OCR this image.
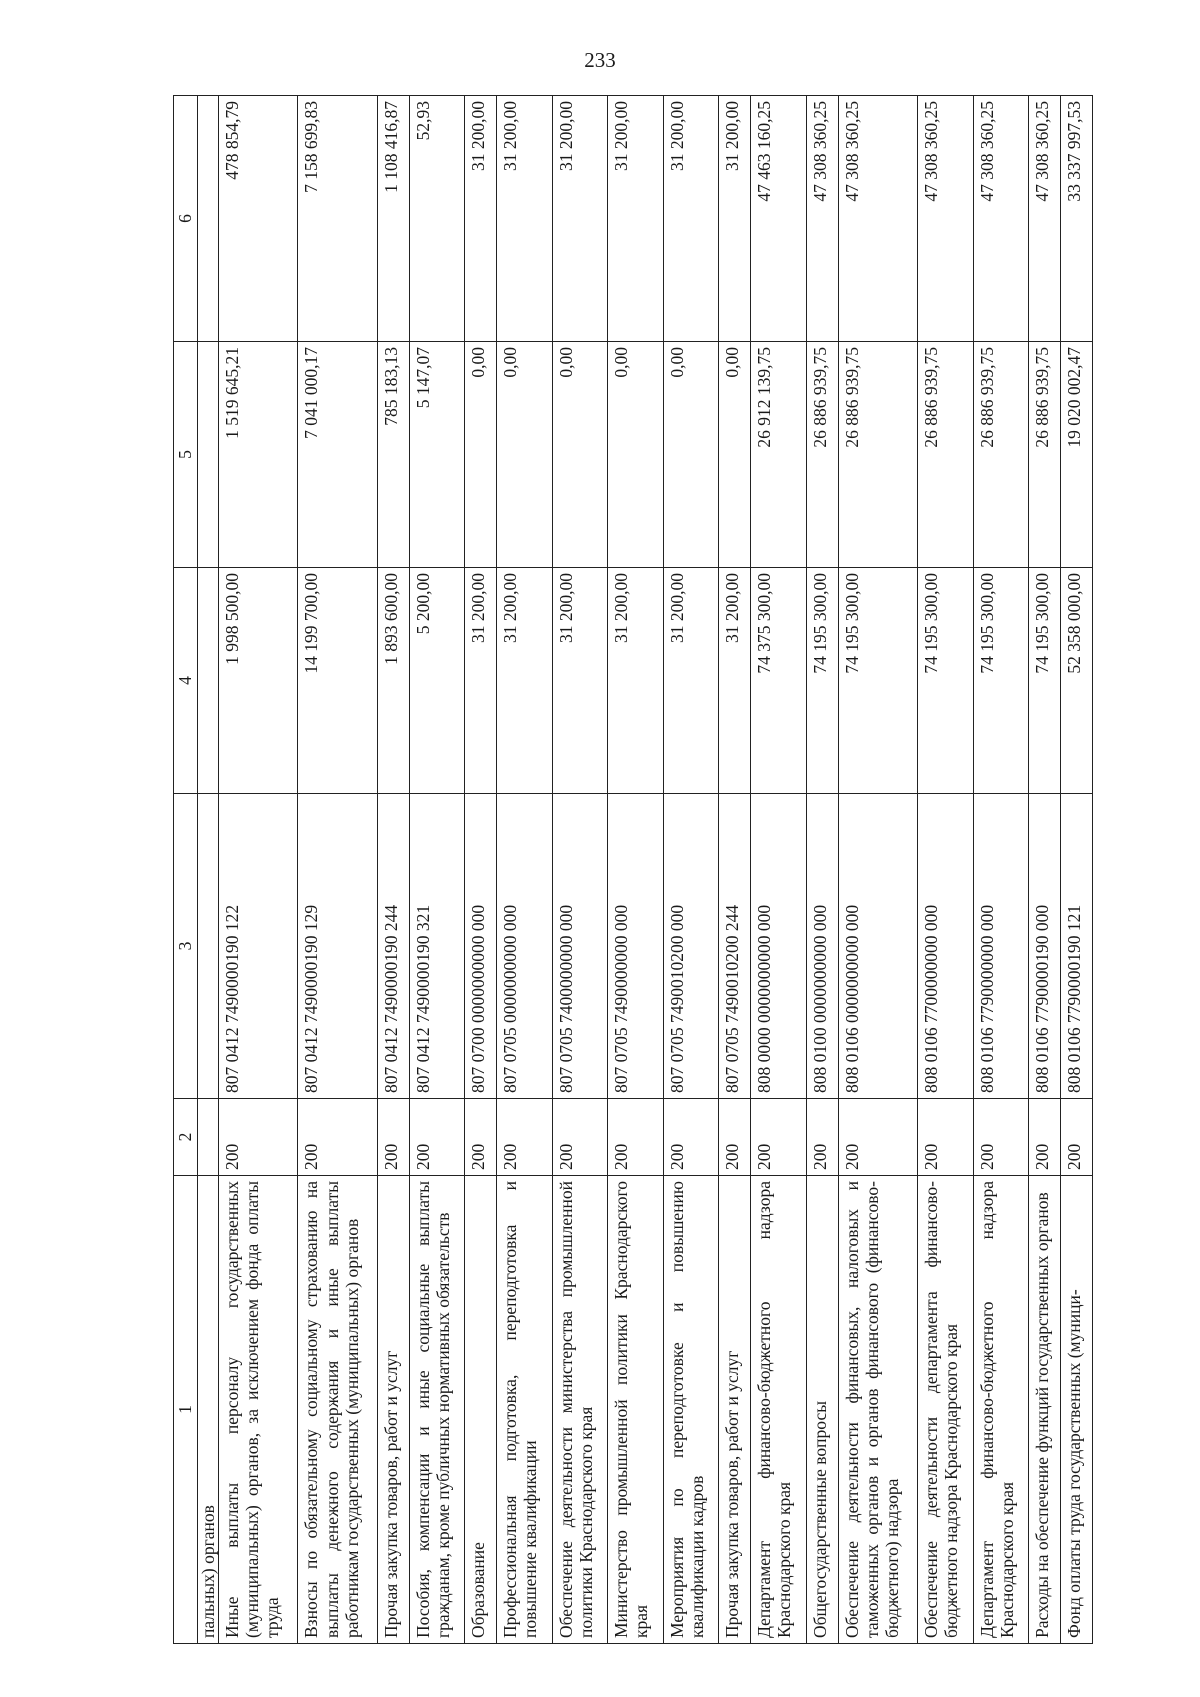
233
1	2	3	4	5	6
пальных) органов					
Иные выплаты персоналу государственных (муниципальных) органов, за исключением фонда оплаты труда	200	807 0412 7490000190 122	1 998 500,00	1 519 645,21	478 854,79
Взносы по обязательному социальному страхованию на выплаты денежного содержания и иные выплаты работникам государственных (муниципальных) органов	200	807 0412 7490000190 129	14 199 700,00	7 041 000,17	7 158 699,83
Прочая закупка товаров, работ и услуг	200	807 0412 7490000190 244	1 893 600,00	785 183,13	1 108 416,87
Пособия, компенсации и иные социальные выплаты гражданам, кроме публичных нормативных обязательств	200	807 0412 7490000190 321	5 200,00	5 147,07	52,93
Образование	200	807 0700 0000000000 000	31 200,00	0,00	31 200,00
Профессиональная подготовка, переподготовка и повышение квалификации	200	807 0705 0000000000 000	31 200,00	0,00	31 200,00
Обеспечение деятельности министерства промышленной политики Краснодарского края	200	807 0705 7400000000 000	31 200,00	0,00	31 200,00
Министерство промышленной политики Краснодарского края	200	807 0705 7490000000 000	31 200,00	0,00	31 200,00
Мероприятия по переподготовке и повышению квалификации кадров	200	807 0705 7490010200 000	31 200,00	0,00	31 200,00
Прочая закупка товаров, работ и услуг	200	807 0705 7490010200 244	31 200,00	0,00	31 200,00
Департамент финансово-бюджетного надзора Краснодарского края	200	808 0000 0000000000 000	74 375 300,00	26 912 139,75	47 463 160,25
Общегосударственные вопросы	200	808 0100 0000000000 000	74 195 300,00	26 886 939,75	47 308 360,25
Обеспечение деятельности финансовых, налоговых и таможенных органов и органов финансового (финансово-бюджетного) надзора	200	808 0106 0000000000 000	74 195 300,00	26 886 939,75	47 308 360,25
Обеспечение деятельности департамента финансово-бюджетного надзора Краснодарского края	200	808 0106 7700000000 000	74 195 300,00	26 886 939,75	47 308 360,25
Департамент финансово-бюджетного надзора Краснодарского края	200	808 0106 7790000000 000	74 195 300,00	26 886 939,75	47 308 360,25
Расходы на обеспечение функций государственных органов	200	808 0106 7790000190 000	74 195 300,00	26 886 939,75	47 308 360,25
Фонд оплаты труда государственных (муници-	200	808 0106 7790000190 121	52 358 000,00	19 020 002,47	33 337 997,53
